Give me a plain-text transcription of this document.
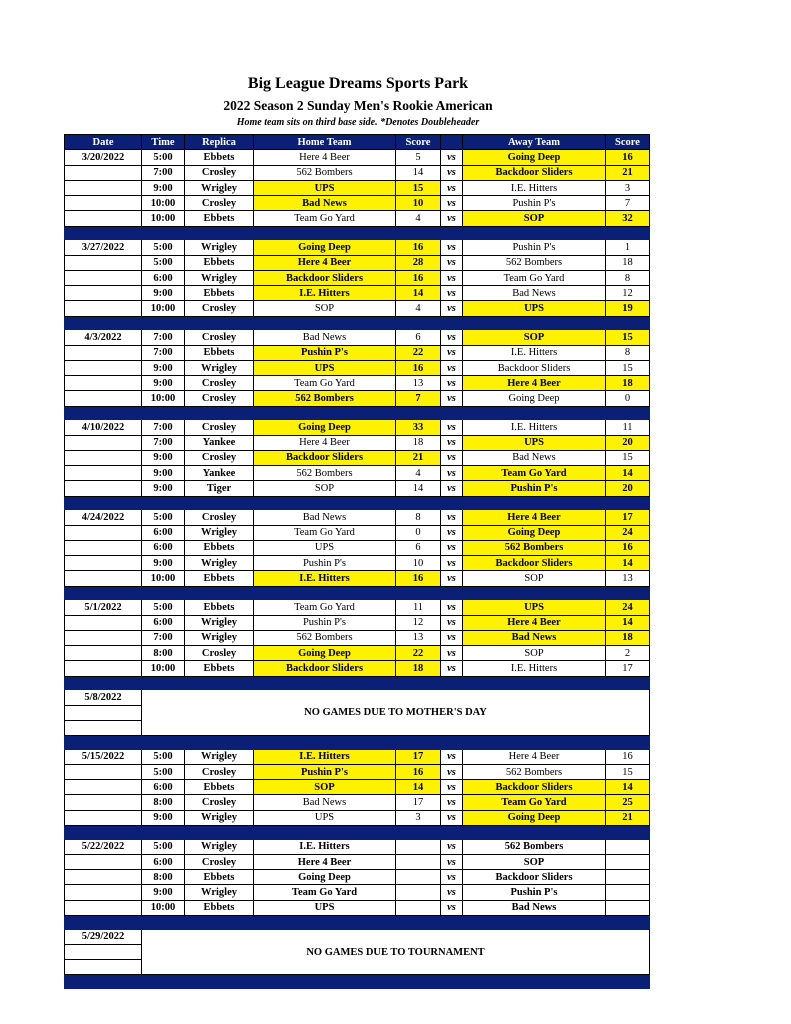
Big League Dreams Sports Park
2022 Season 2 Sunday Men's Rookie American
Home team sits on third base side. *Denotes Doubleheader
Date	Time	Replica	Home Team	Score		Away Team	Score
3/20/2022	5:00	Ebbets	Here 4 Beer	5	vs	Going Deep	16
	7:00	Crosley	562 Bombers	14	vs	Backdoor Sliders	21
	9:00	Wrigley	UPS	15	vs	I.E. Hitters	3
	10:00	Crosley	Bad News	10	vs	Pushin P's	7
	10:00	Ebbets	Team Go Yard	4	vs	SOP	32

3/27/2022	5:00	Wrigley	Going Deep	16	vs	Pushin P's	1
	5:00	Ebbets	Here 4 Beer	28	vs	562 Bombers	18
	6:00	Wrigley	Backdoor Sliders	16	vs	Team Go Yard	8
	9:00	Ebbets	I.E. Hitters	14	vs	Bad News	12
	10:00	Crosley	SOP	4	vs	UPS	19

4/3/2022	7:00	Crosley	Bad News	6	vs	SOP	15
	7:00	Ebbets	Pushin P's	22	vs	I.E. Hitters	8
	9:00	Wrigley	UPS	16	vs	Backdoor Sliders	15
	9:00	Crosley	Team Go Yard	13	vs	Here 4 Beer	18
	10:00	Crosley	562 Bombers	7	vs	Going Deep	0

4/10/2022	7:00	Crosley	Going Deep	33	vs	I.E. Hitters	11
	7:00	Yankee	Here 4 Beer	18	vs	UPS	20
	9:00	Crosley	Backdoor Sliders	21	vs	Bad News	15
	9:00	Yankee	562 Bombers	4	vs	Team Go Yard	14
	9:00	Tiger	SOP	14	vs	Pushin P's	20

4/24/2022	5:00	Crosley	Bad News	8	vs	Here 4 Beer	17
	6:00	Wrigley	Team Go Yard	0	vs	Going Deep	24
	6:00	Ebbets	UPS	6	vs	562 Bombers	16
	9:00	Wrigley	Pushin P's	10	vs	Backdoor Sliders	14
	10:00	Ebbets	I.E. Hitters	16	vs	SOP	13

5/1/2022	5:00	Ebbets	Team Go Yard	11	vs	UPS	24
	6:00	Wrigley	Pushin P's	12	vs	Here 4 Beer	14
	7:00	Wrigley	562 Bombers	13	vs	Bad News	18
	8:00	Crosley	Going Deep	22	vs	SOP	2
	10:00	Ebbets	Backdoor Sliders	18	vs	I.E. Hitters	17

5/8/2022	NO GAMES DUE TO MOTHER'S DAY						

5/15/2022	5:00	Wrigley	I.E. Hitters	17	vs	Here 4 Beer	16
	5:00	Crosley	Pushin P's	16	vs	562 Bombers	15
	6:00	Ebbets	SOP	14	vs	Backdoor Sliders	14
	8:00	Crosley	Bad News	17	vs	Team Go Yard	25
	9:00	Wrigley	UPS	3	vs	Going Deep	21

5/22/2022	5:00	Wrigley	I.E. Hitters		vs	562 Bombers	
	6:00	Crosley	Here 4 Beer		vs	SOP	
	8:00	Ebbets	Going Deep		vs	Backdoor Sliders	
	9:00	Wrigley	Team Go Yard		vs	Pushin P's	
	10:00	Ebbets	UPS		vs	Bad News	

5/29/2022	NO GAMES DUE TO TOURNAMENT						
